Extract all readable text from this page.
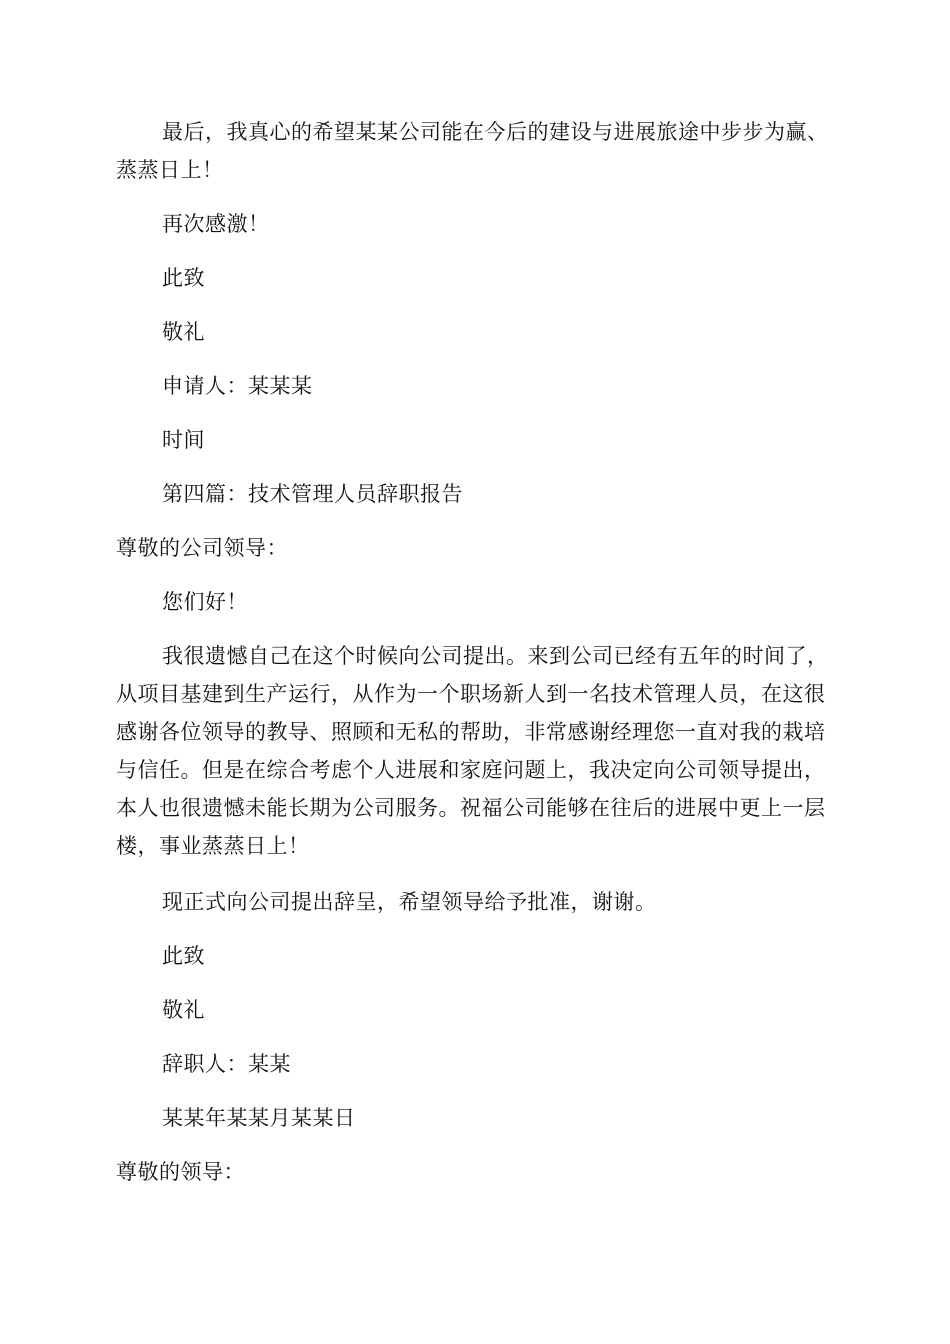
最后，我真心的希望某某公司能在今后的建设与进展旅途中步步为赢、蒸蒸日上！

再次感激！

此致

敬礼

申请人：某某某

时间

第四篇：技术管理人员辞职报告

尊敬的公司领导：

您们好！

我很遗憾自己在这个时候向公司提出。来到公司已经有五年的时间了，从项目基建到生产运行，从作为一个职场新人到一名技术管理人员，在这很感谢各位领导的教导、照顾和无私的帮助，非常感谢经理您一直对我的栽培与信任。但是在综合考虑个人进展和家庭问题上，我决定向公司领导提出，本人也很遗憾未能长期为公司服务。祝福公司能够在往后的进展中更上一层楼，事业蒸蒸日上！

现正式向公司提出辞呈，希望领导给予批准，谢谢。

此致

敬礼

辞职人：某某

某某年某某月某某日

尊敬的领导：
